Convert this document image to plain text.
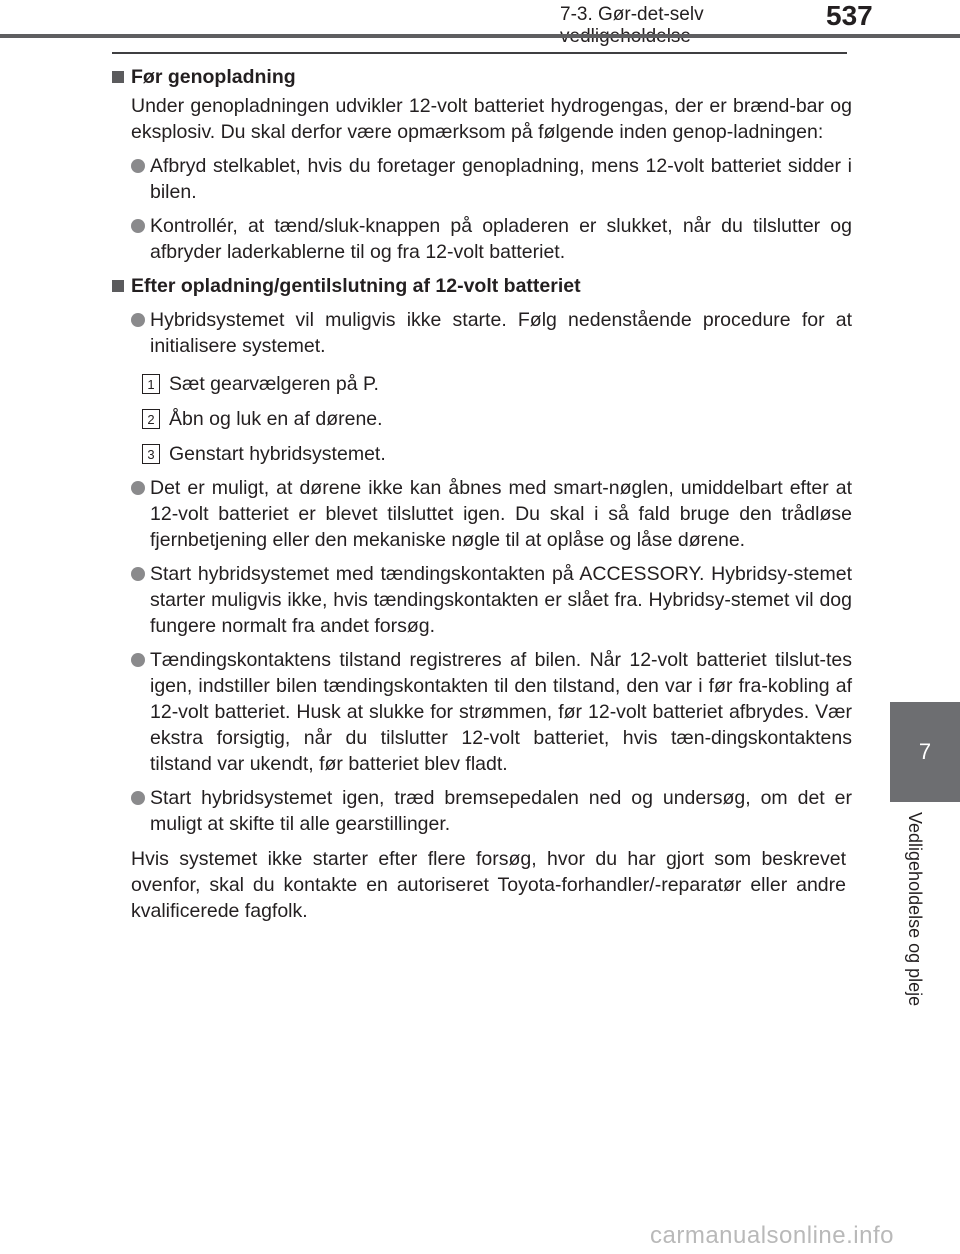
7-3. Gør-det-selv	537
7
Vedligeholdelse og pleje
Før genopladning
Under genopladningen udvikler 12-volt batteriet hydrogengas, der er brænd-bar og eksplosiv. Du skal derfor være opmærksom på følgende inden genop-ladningen:
Afbryd stelkablet, hvis du foretager genopladning, mens 12-volt batteriet sidder i bilen.
Kontrollér, at tænd/sluk-knappen på opladeren er slukket, når du tilslutter og afbryder laderkablerne til og fra 12-volt batteriet.
Efter opladning/gentilslutning af 12-volt batteriet
Hybridsystemet vil muligvis ikke starte. Følg nedenstående procedure for at initialisere systemet.
1 Sæt gearvælgeren på P.
2 Åbn og luk en af dørene.
3 Genstart hybridsystemet.
Det er muligt, at dørene ikke kan åbnes med smart-nøglen, umiddelbart efter at 12-volt batteriet er blevet tilsluttet igen. Du skal i så fald bruge den trådløse fjernbetjening eller den mekaniske nøgle til at oplåse og låse dørene.
Start hybridsystemet med tændingskontakten på ACCESSORY. Hybridsy-stemet starter muligvis ikke, hvis tændingskontakten er slået fra. Hybridsy-stemet vil dog fungere normalt fra andet forsøg.
Tændingskontaktens tilstand registreres af bilen. Når 12-volt batteriet tilslut-tes igen, indstiller bilen tændingskontakten til den tilstand, den var i før fra-kobling af 12-volt batteriet. Husk at slukke for strømmen, før 12-volt batteriet afbrydes. Vær ekstra forsigtig, når du tilslutter 12-volt batteriet, hvis tæn-dingskontaktens tilstand var ukendt, før batteriet blev fladt.
Start hybridsystemet igen, træd bremsepedalen ned og undersøg, om det er muligt at skifte til alle gearstillinger.
Hvis systemet ikke starter efter flere forsøg, hvor du har gjort som beskrevet ovenfor, skal du kontakte en autoriseret Toyota-forhandler/-reparatør eller andre kvalificerede fagfolk.
carmanualsonline.info
